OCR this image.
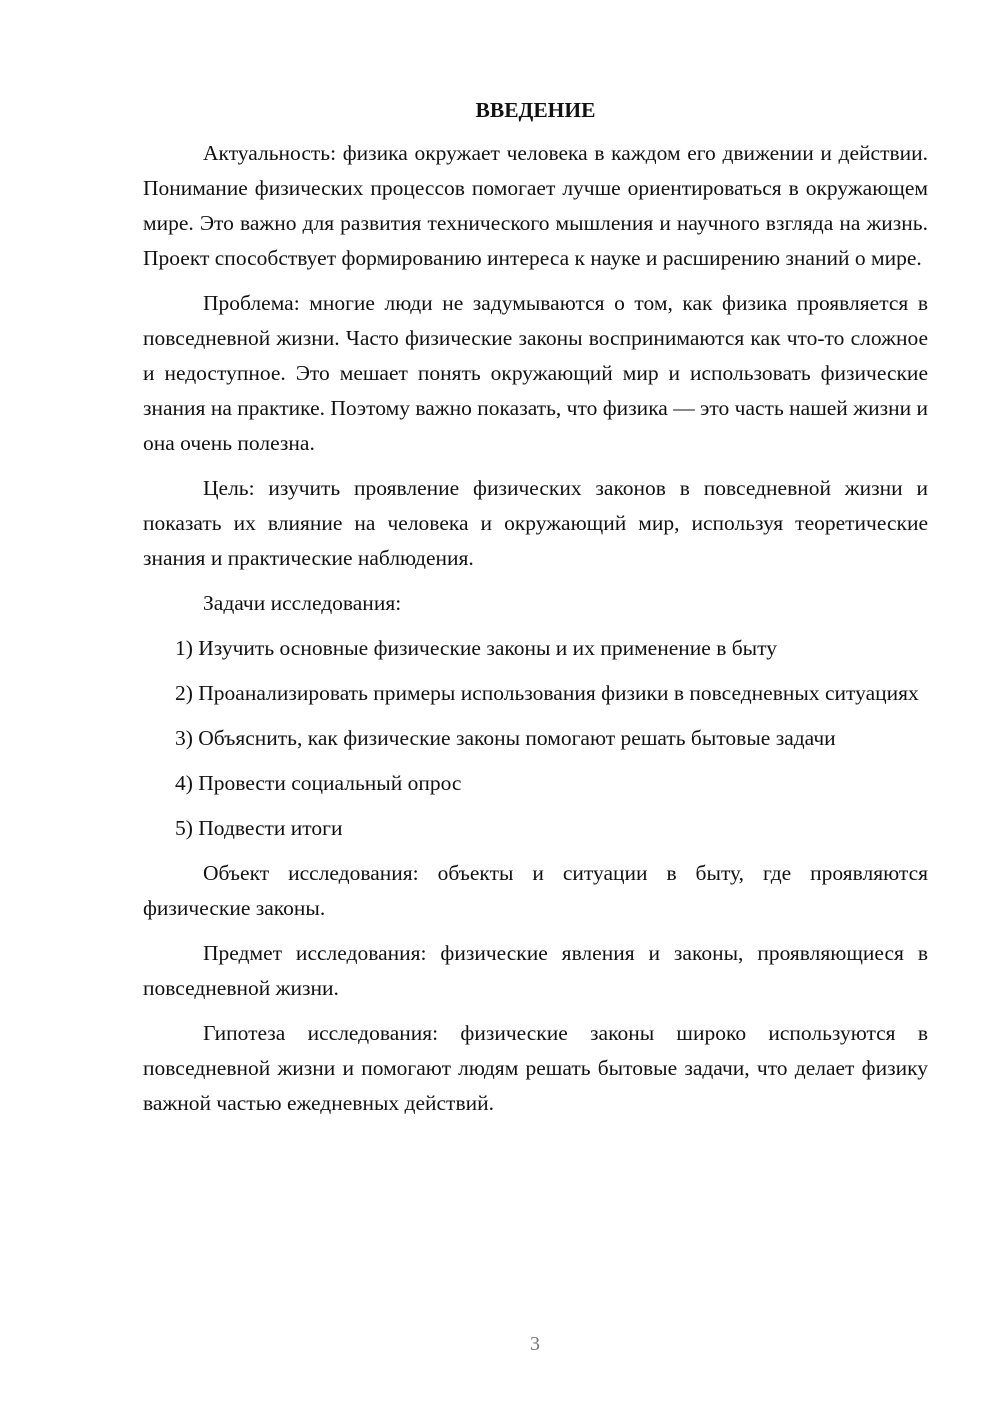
ВВЕДЕНИЕ

Актуальность: физика окружает человека в каждом его движении и действии. Понимание физических процессов помогает лучше ориентироваться в окружающем мире. Это важно для развития технического мышления и научного взгляда на жизнь. Проект способствует формированию интереса к науке и расширению знаний о мире.

Проблема: многие люди не задумываются о том, как физика проявляется в повседневной жизни. Часто физические законы воспринимаются как что-то сложное и недоступное. Это мешает понять окружающий мир и использовать физические знания на практике. Поэтому важно показать, что физика — это часть нашей жизни и она очень полезна.

Цель: изучить проявление физических законов в повседневной жизни и показать их влияние на человека и окружающий мир, используя теоретические знания и практические наблюдения.

Задачи исследования:

1) Изучить основные физические законы и их применение в быту

2) Проанализировать примеры использования физики в повседневных ситуациях

3) Объяснить, как физические законы помогают решать бытовые задачи

4) Провести социальный опрос

5) Подвести итоги

Объект исследования: объекты и ситуации в быту, где проявляются физические законы.

Предмет исследования: физические явления и законы, проявляющиеся в повседневной жизни.

Гипотеза исследования: физические законы широко используются в повседневной жизни и помогают людям решать бытовые задачи, что делает физику важной частью ежедневных действий.

3
